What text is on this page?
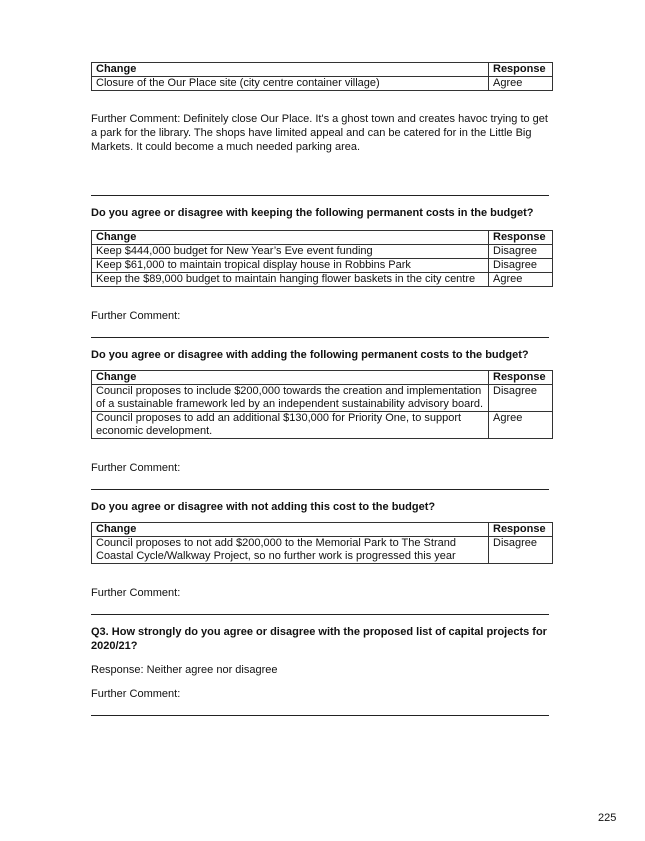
Change	Response
Closure of the Our Place site (city centre container village)	Agree

Further Comment: Definitely close Our Place. It's a ghost town and creates havoc trying to get a park for the library. The shops have limited appeal and can be catered for in the Little Big Markets. It could become a much needed parking area.

Do you agree or disagree with keeping the following permanent costs in the budget?

Change	Response
Keep $444,000 budget for New Year’s Eve event funding	Disagree
Keep $61,000 to maintain tropical display house in Robbins Park	Disagree
Keep the $89,000 budget to maintain hanging flower baskets in the city centre	Agree

Further Comment:

Do you agree or disagree with adding the following permanent costs to the budget?

Change	Response
Council proposes to include $200,000 towards the creation and implementation of a sustainable framework led by an independent sustainability advisory board.	Disagree
Council proposes to add an additional $130,000 for Priority One, to support economic development.	Agree

Further Comment:

Do you agree or disagree with not adding this cost to the budget?

Change	Response
Council proposes to not add $200,000 to the Memorial Park to The Strand Coastal Cycle/Walkway Project, so no further work is progressed this year	Disagree

Further Comment:

Q3. How strongly do you agree or disagree with the proposed list of capital projects for 2020/21?

Response: Neither agree nor disagree

Further Comment:

225
